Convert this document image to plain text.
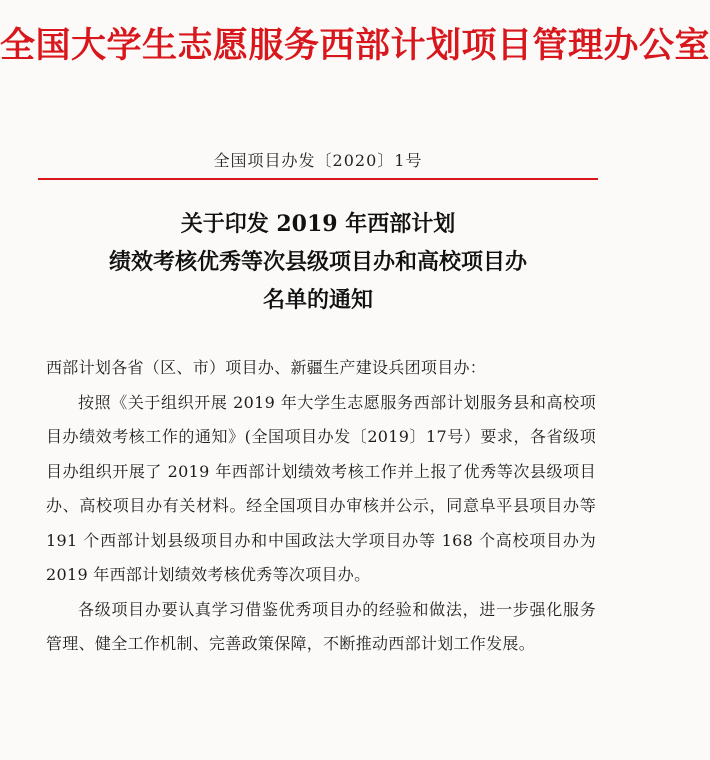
全国大学生志愿服务西部计划项目管理办公室
全国项目办发〔2020〕1号
关于印发 2019 年西部计划
绩效考核优秀等次县级项目办和高校项目办
名单的通知

西部计划各省（区、市）项目办、新疆生产建设兵团项目办：

按照《关于组织开展 2019 年大学生志愿服务西部计划服务县和高校项目办绩效考核工作的通知》(全国项目办发〔2019〕17号）要求，各省级项目办组织开展了 2019 年西部计划绩效考核工作并上报了优秀等次县级项目办、高校项目办有关材料。经全国项目办审核并公示，同意阜平县项目办等 191 个西部计划县级项目办和中国政法大学项目办等 168 个高校项目办为 2019 年西部计划绩效考核优秀等次项目办。

各级项目办要认真学习借鉴优秀项目办的经验和做法，进一步强化服务管理、健全工作机制、完善政策保障，不断推动西部计划工作发展。
